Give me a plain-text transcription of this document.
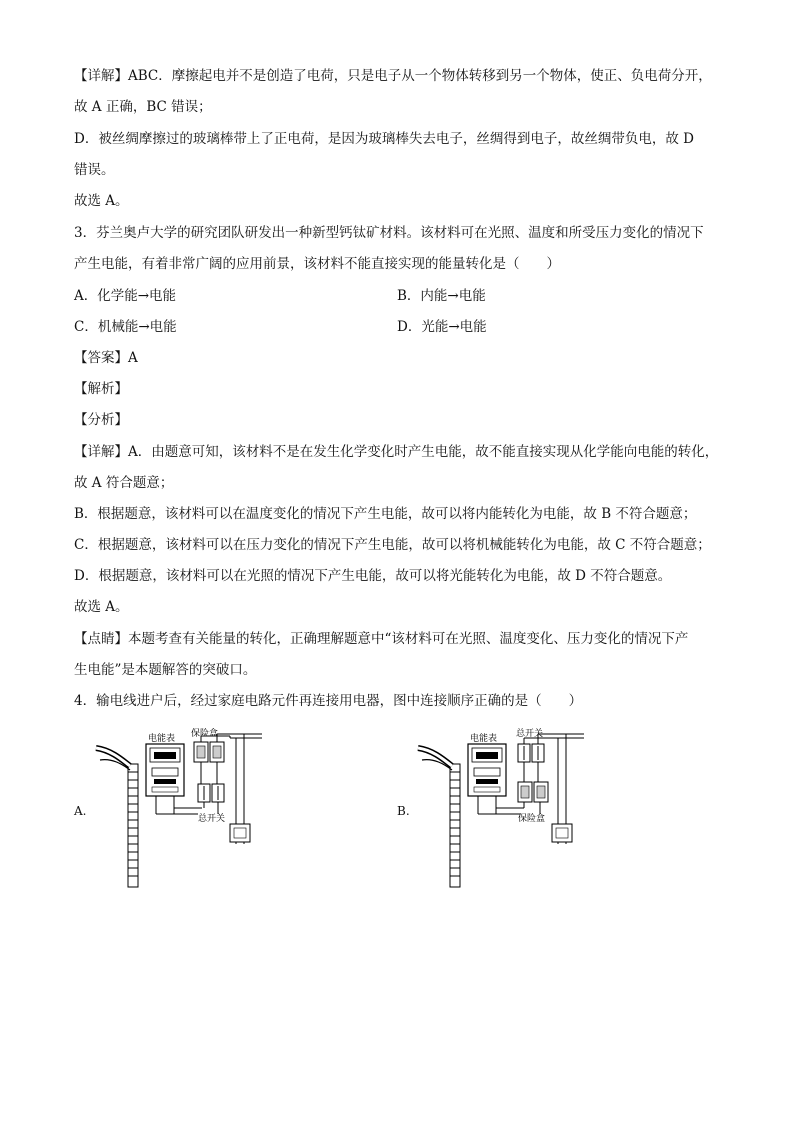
【详解】ABC．摩擦起电并不是创造了电荷，只是电子从一个物体转移到另一个物体，使正、负电荷分开，
故 A 正确，BC 错误；
D．被丝绸摩擦过的玻璃棒带上了正电荷，是因为玻璃棒失去电子，丝绸得到电子，故丝绸带负电，故 D
错误。
故选 A。
3．芬兰奥卢大学的研究团队研发出一种新型钙钛矿材料。该材料可在光照、温度和所受压力变化的情况下
产生电能，有着非常广阔的应用前景，该材料不能直接实现的能量转化是（　　）
A．化学能→电能	B．内能→电能
C．机械能→电能	D．光能→电能
【答案】A
【解析】
【分析】
【详解】A．由题意可知，该材料不是在发生化学变化时产生电能，故不能直接实现从化学能向电能的转化，
故 A 符合题意；
B．根据题意，该材料可以在温度变化的情况下产生电能，故可以将内能转化为电能，故 B 不符合题意；
C．根据题意，该材料可以在压力变化的情况下产生电能，故可以将机械能转化为电能，故 C 不符合题意；
D．根据题意，该材料可以在光照的情况下产生电能，故可以将光能转化为电能，故 D 不符合题意。
故选 A。
【点睛】本题考查有关能量的转化，正确理解题意中“该材料可在光照、温度变化、压力变化的情况下产
生电能”是本题解答的突破口。
4．输电线进户后，经过家庭电路元件再连接用电器，图中连接顺序正确的是（　　）
A.
电能表 保险盒
总开关
B.
电能表 总开关
保险盒
